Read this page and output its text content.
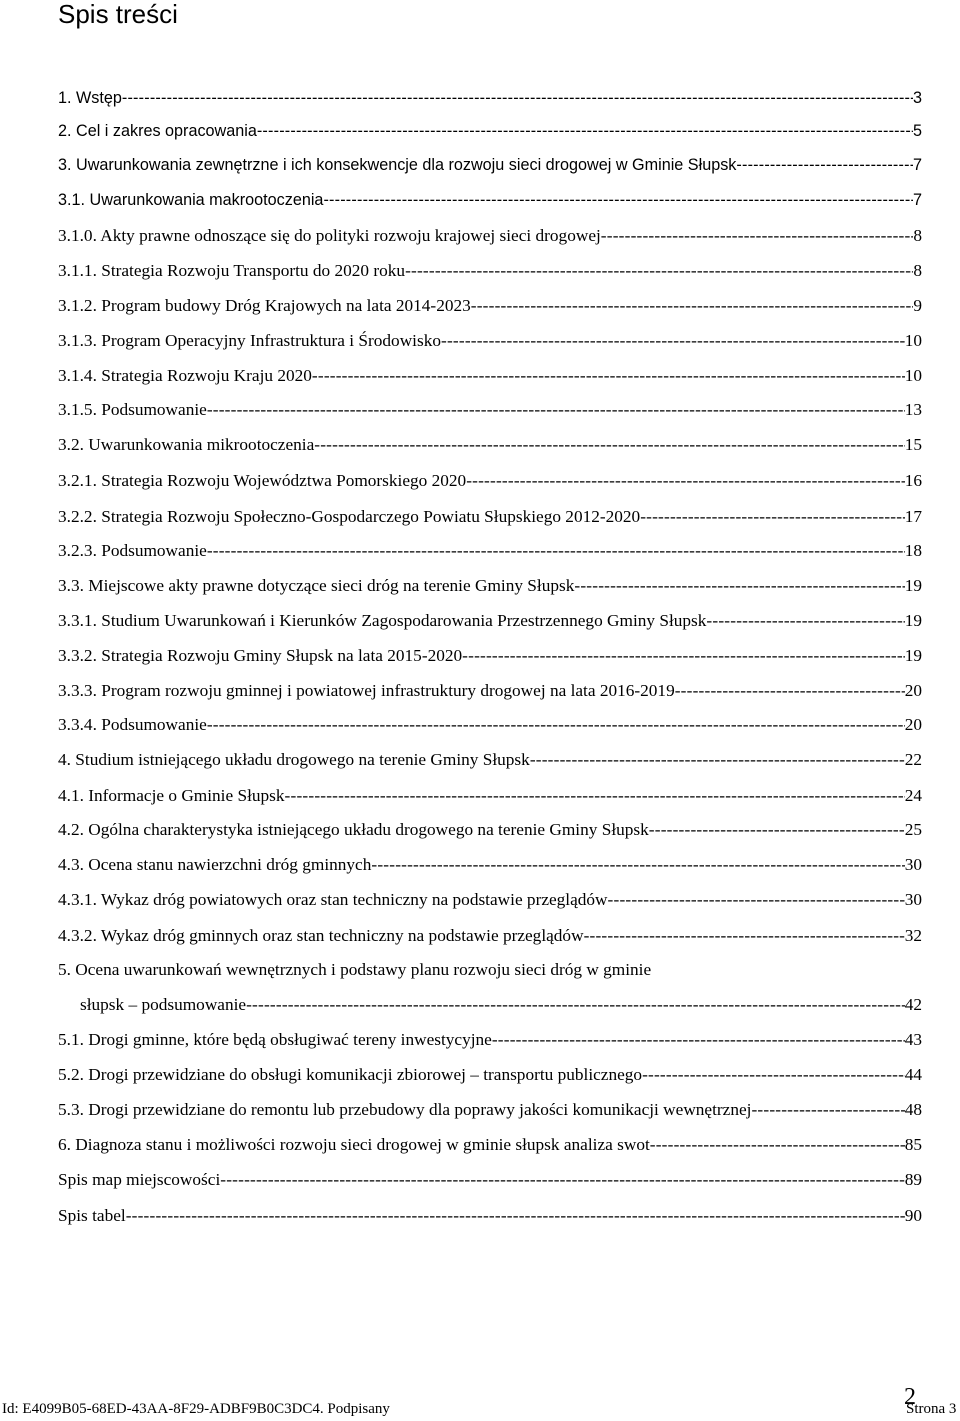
Spis treści
1. Wstęp -----	3
2. Cel i zakres opracowania -----	5
3. Uwarunkowania zewnętrzne i ich konsekwencje dla rozwoju sieci drogowej w Gminie Słupsk -----	7
3.1. Uwarunkowania makrootoczenia -----	7
3.1.0. Akty prawne odnoszące się do polityki rozwoju krajowej sieci drogowej -----	8
3.1.1. Strategia Rozwoju Transportu do 2020 roku -----	8
3.1.2. Program budowy Dróg Krajowych na lata 2014-2023 -----	9
3.1.3. Program Operacyjny Infrastruktura i Środowisko -----	10
3.1.4. Strategia Rozwoju Kraju 2020 -----	10
3.1.5. Podsumowanie -----	13
3.2. Uwarunkowania mikrootoczenia -----	15
3.2.1. Strategia Rozwoju Województwa Pomorskiego 2020 -----	16
3.2.2. Strategia Rozwoju Społeczno-Gospodarczego Powiatu Słupskiego 2012-2020 -----	17
3.2.3. Podsumowanie -----	18
3.3. Miejscowe akty prawne dotyczące sieci dróg na terenie Gminy Słupsk -----	19
3.3.1. Studium Uwarunkowań i Kierunków Zagospodarowania Przestrzennego Gminy Słupsk -----	19
3.3.2. Strategia Rozwoju Gminy Słupsk na lata 2015-2020 -----	19
3.3.3. Program rozwoju gminnej i powiatowej infrastruktury drogowej na lata 2016-2019 -----	20
3.3.4. Podsumowanie -----	20
4. Studium istniejącego układu drogowego na terenie Gminy Słupsk -----	22
4.1. Informacje o Gminie Słupsk -----	24
4.2. Ogólna charakterystyka istniejącego układu drogowego na terenie Gminy Słupsk -----	25
4.3. Ocena stanu nawierzchni dróg gminnych -----	30
4.3.1. Wykaz dróg powiatowych oraz stan techniczny na podstawie przeglądów -----	30
4.3.2. Wykaz dróg gminnych oraz stan techniczny na podstawie przeglądów -----	32
5. Ocena uwarunkowań wewnętrznych i podstawy planu rozwoju sieci dróg w gminie
słupsk – podsumowanie -----	42
5.1. Drogi gminne, które będą obsługiwać tereny inwestycyjne -----	43
5.2. Drogi przewidziane do obsługi komunikacji zbiorowej – transportu publicznego -----	44
5.3. Drogi przewidziane do remontu lub przebudowy dla poprawy jakości komunikacji wewnętrznej -----	48
6. Diagnoza stanu i możliwości rozwoju sieci drogowej w gminie słupsk analiza swot -----	85
Spis map miejscowości -----	89
Spis tabel -----	90
Id: E4099B05-68ED-43AA-8F29-ADBF9B0C3DC4. Podpisany	2
Strona 3
